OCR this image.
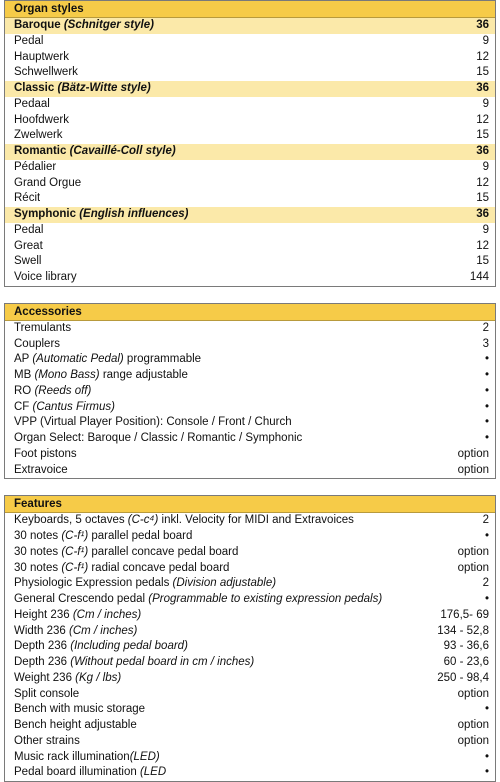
Organ styles
Baroque (Schnitger style)	36
Pedal	9
Hauptwerk	12
Schwellwerk	15
Classic (Bätz-Witte style)	36
Pedaal	9
Hoofdwerk	12
Zwelwerk	15
Romantic (Cavaillé-Coll style)	36
Pédalier	9
Grand Orgue	12
Récit	15
Symphonic (English influences)	36
Pedal	9
Great	12
Swell	15
Voice library	144
Accessories
Tremulants	2
Couplers	3
AP (Automatic Pedal) programmable	•
MB (Mono Bass) range adjustable	•
RO (Reeds off)	•
CF (Cantus Firmus)	•
VPP (Virtual Player Position): Console / Front / Church	•
Organ Select: Baroque / Classic / Romantic / Symphonic	•
Foot pistons	option
Extravoice	option
Features
Keyboards, 5 octaves (C-c⁴) inkl. Velocity for MIDI and Extravoices	2
30 notes (C-f¹) parallel pedal board	•
30 notes (C-f¹) parallel concave pedal board	option
30 notes (C-f¹) radial concave pedal board	option
Physiologic Expression pedals (Division adjustable)	2
General Crescendo pedal (Programmable to existing expression pedals)	•
Height 236 (Cm / inches)	176,5- 69
Width 236 (Cm / inches)	134 - 52,8
Depth 236 (Including pedal board)	93 - 36,6
Depth 236 (Without pedal board in cm / inches)	60 - 23,6
Weight 236 (Kg / lbs)	250 - 98,4
Split console	option
Bench with music storage	•
Bench height adjustable	option
Other strains	option
Music rack illumination(LED)	•
Pedal board illumination (LED	•
